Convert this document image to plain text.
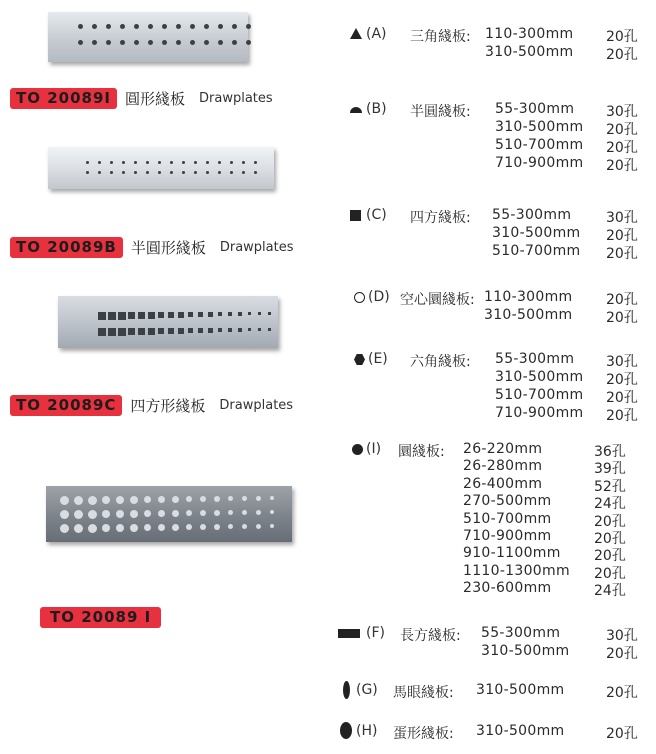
TO 20089I 圓形綫板 Drawplates
TO 20089B 半圓形綫板 Drawplates
TO 20089C 四方形綫板 Drawplates
TO 20089 I
(A) 三角綫板: 110-300mm 20孔
310-500mm 20孔
(B) 半圓綫板: 55-300mm 30孔
310-500mm 20孔
510-700mm 20孔
710-900mm 20孔
(C) 四方綫板: 55-300mm 30孔
310-500mm 20孔
510-700mm 20孔
(D) 空心圜綫板: 110-300mm 20孔
310-500mm 20孔
(E) 六角綫板: 55-300mm 30孔
310-500mm 20孔
510-700mm 20孔
710-900mm 20孔
(I) 圜綫板: 26-220mm	36孔
26-280mm	39孔
26-400mm	52孔
270-500mm	24孔
510-700mm	20孔
710-900mm	20孔
910-1100mm 20孔
1110-1300mm 20孔
230-600mm	24孔
(F) 長方綫板: 55-300mm	30孔
310-500mm	20孔
(G) 馬眼綫板: 310-500mm	20孔
(H) 蛋形綫板: 310-500mm	20孔
